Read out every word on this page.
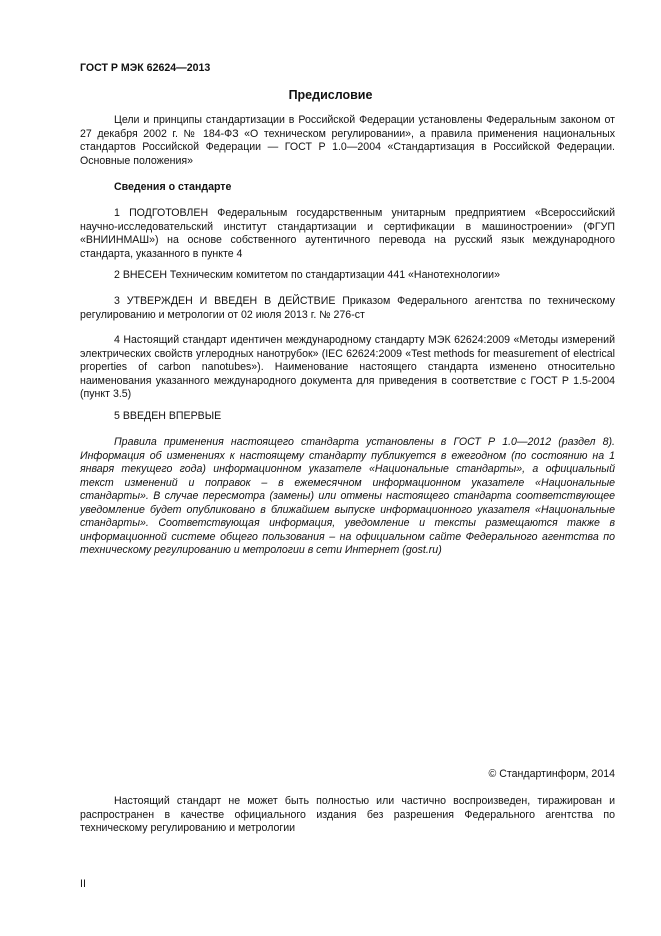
ГОСТ Р МЭК 62624—2013
Предисловие
Цели и принципы стандартизации в Российской Федерации установлены Федеральным законом от 27 декабря 2002 г. № 184-ФЗ «О техническом регулировании», а правила применения национальных стандартов Российской Федерации — ГОСТ Р 1.0—2004 «Стандартизация в Российской Федерации. Основные положения»
Сведения о стандарте
1 ПОДГОТОВЛЕН Федеральным государственным унитарным предприятием «Всероссийский научно-исследовательский институт стандартизации и сертификации в машиностроении» (ФГУП «ВНИИНМАШ») на основе собственного аутентичного перевода на русский язык международного стандарта, указанного в пункте 4
2 ВНЕСЕН Техническим комитетом по стандартизации 441 «Нанотехнологии»
3 УТВЕРЖДЕН И ВВЕДЕН В ДЕЙСТВИЕ Приказом Федерального агентства по техническому регулированию и метрологии от 02 июля 2013 г. № 276-ст
4 Настоящий стандарт идентичен международному стандарту МЭК 62624:2009 «Методы измерений электрических свойств углеродных нанотрубок» (IEC 62624:2009 «Test methods for measurement of electrical properties of carbon nanotubes»). Наименование настоящего стандарта изменено относительно наименования указанного международного документа для приведения в соответствие с ГОСТ Р 1.5-2004 (пункт 3.5)
5 ВВЕДЕН ВПЕРВЫЕ
Правила применения настоящего стандарта установлены в ГОСТ Р 1.0—2012 (раздел 8). Информация об изменениях к настоящему стандарту публикуется в ежегодном (по состоянию на 1 января текущего года) информационном указателе «Национальные стандарты», а официальный текст изменений и поправок – в ежемесячном информационном указателе «Национальные стандарты». В случае пересмотра (замены) или отмены настоящего стандарта соответствующее уведомление будет опубликовано в ближайшем выпуске информационного указателя «Национальные стандарты». Соответствующая информация, уведомление и тексты размещаются также в информационной системе общего пользования – на официальном сайте Федерального агентства по техническому регулированию и метрологии в сети Интернет (gost.ru)
© Стандартинформ, 2014
Настоящий стандарт не может быть полностью или частично воспроизведен, тиражирован и распространен в качестве официального издания без разрешения Федерального агентства по техническому регулированию и метрологии
II
